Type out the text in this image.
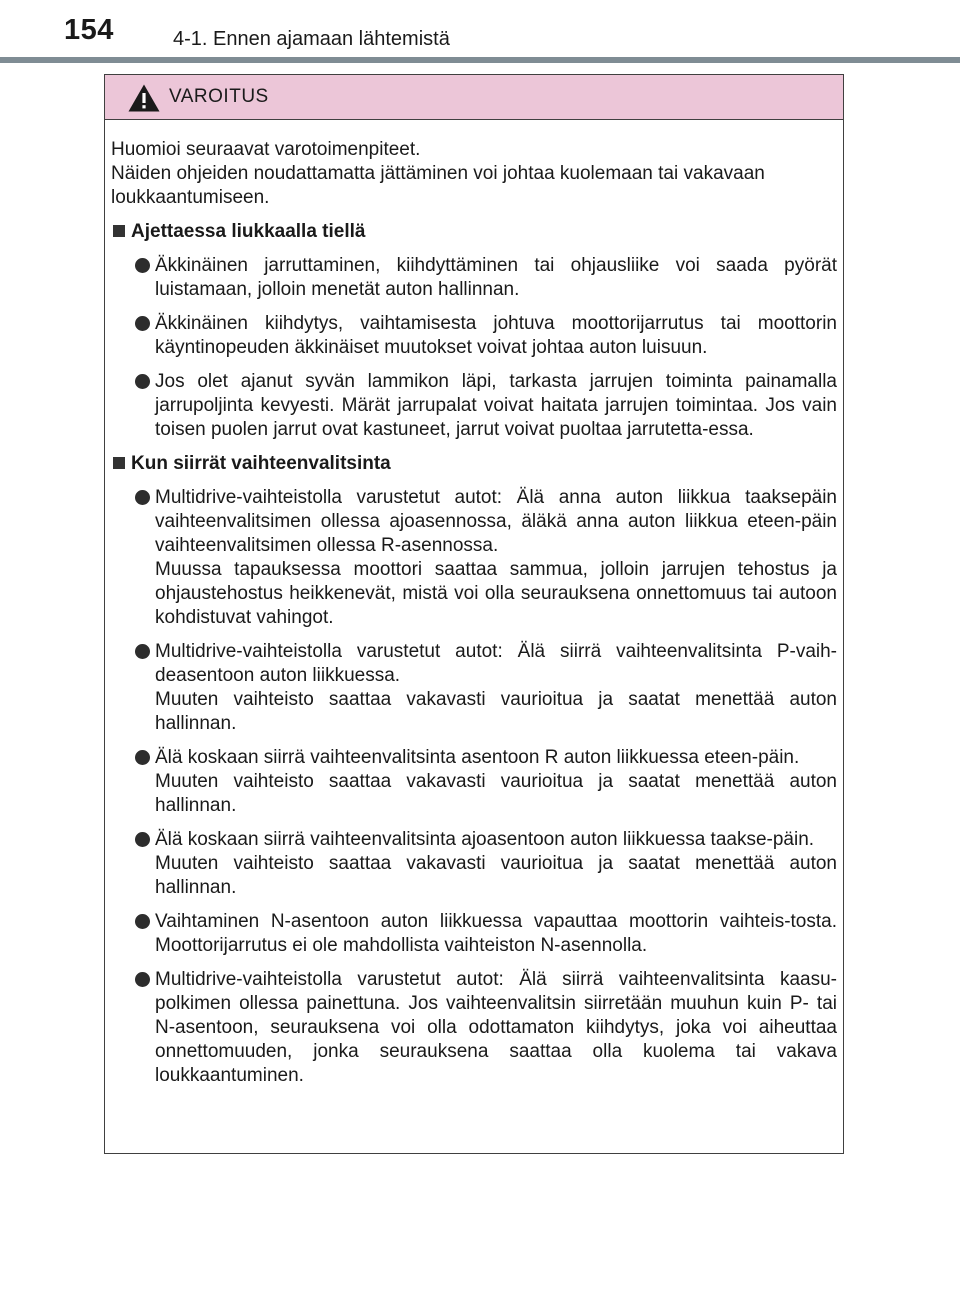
154	4-1. Ennen ajamaan lähtemistä
VAROITUS

Huomioi seuraavat varotoimenpiteet.

Näiden ohjeiden noudattamatta jättäminen voi johtaa kuolemaan tai vakavaan loukkaantumiseen.

Ajettaessa liukkaalla tiellä

Äkkinäinen jarruttaminen, kiihdyttäminen tai ohjausliike voi saada pyörät luistamaan, jolloin menetät auton hallinnan.

Äkkinäinen kiihdytys, vaihtamisesta johtuva moottorijarrutus tai moottorin käyntinopeuden äkkinäiset muutokset voivat johtaa auton luisuun.

Jos olet ajanut syvän lammikon läpi, tarkasta jarrujen toiminta painamalla jarrupoljinta kevyesti. Märät jarrupalat voivat haitata jarrujen toimintaa. Jos vain toisen puolen jarrut ovat kastuneet, jarrut voivat puoltaa jarrutetta-essa.

Kun siirrät vaihteenvalitsinta

Multidrive-vaihteistolla varustetut autot: Älä anna auton liikkua taaksepäin vaihteenvalitsimen ollessa ajoasennossa, äläkä anna auton liikkua eteen-päin vaihteenvalitsimen ollessa R-asennossa.

Muussa tapauksessa moottori saattaa sammua, jolloin jarrujen tehostus ja ohjaustehostus heikkenevät, mistä voi olla seurauksena onnettomuus tai autoon kohdistuvat vahingot.

Multidrive-vaihteistolla varustetut autot: Älä siirrä vaihteenvalitsinta P-vaih-deasentoon auton liikkuessa.

Muuten vaihteisto saattaa vakavasti vaurioitua ja saatat menettää auton hallinnan.

Älä koskaan siirrä vaihteenvalitsinta asentoon R auton liikkuessa eteen-päin.

Muuten vaihteisto saattaa vakavasti vaurioitua ja saatat menettää auton hallinnan.

Älä koskaan siirrä vaihteenvalitsinta ajoasentoon auton liikkuessa taakse-päin.

Muuten vaihteisto saattaa vakavasti vaurioitua ja saatat menettää auton hallinnan.

Vaihtaminen N-asentoon auton liikkuessa vapauttaa moottorin vaihteis-tosta. Moottorijarrutus ei ole mahdollista vaihteiston N-asennolla.

Multidrive-vaihteistolla varustetut autot: Älä siirrä vaihteenvalitsinta kaasu-polkimen ollessa painettuna. Jos vaihteenvalitsin siirretään muuhun kuin P- tai N-asentoon, seurauksena voi olla odottamaton kiihdytys, joka voi aiheuttaa onnettomuuden, jonka seurauksena saattaa olla kuolema tai vakava loukkaantuminen.
